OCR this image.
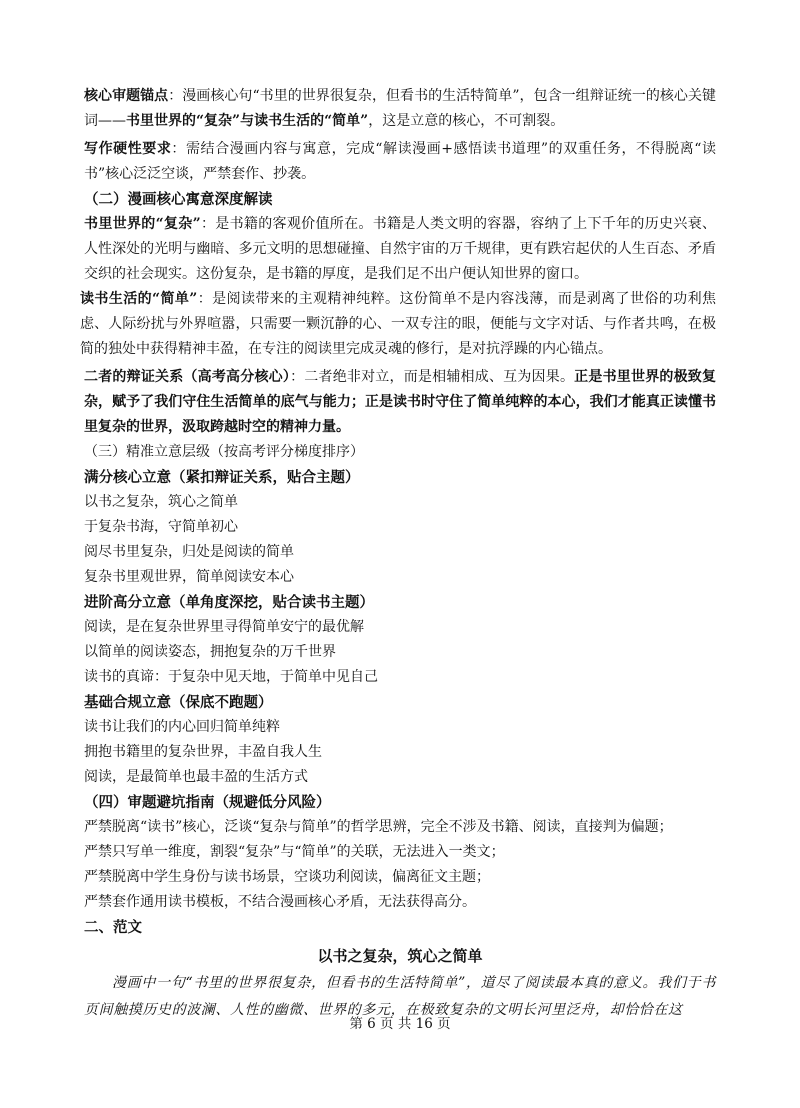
核心审题锚点：漫画核心句“书里的世界很复杂，但看书的生活特简单”，包含一组辩证统一的核心关键词——书里世界的“复杂”与读书生活的“简单”，这是立意的核心，不可割裂。

写作硬性要求：需结合漫画内容与寓意，完成“解读漫画+感悟读书道理”的双重任务，不得脱离“读书”核心泛泛空谈，严禁套作、抄袭。

（二）漫画核心寓意深度解读

书里世界的“复杂”：是书籍的客观价值所在。书籍是人类文明的容器，容纳了上下千年的历史兴衰、人性深处的光明与幽暗、多元文明的思想碰撞、自然宇宙的万千规律，更有跌宕起伏的人生百态、矛盾交织的社会现实。这份复杂，是书籍的厚度，是我们足不出户便认知世界的窗口。

读书生活的“简单”：是阅读带来的主观精神纯粹。这份简单不是内容浅薄，而是剥离了世俗的功利焦虑、人际纷扰与外界喧嚣，只需要一颗沉静的心、一双专注的眼，便能与文字对话、与作者共鸣，在极简的独处中获得精神丰盈，在专注的阅读里完成灵魂的修行，是对抗浮躁的内心锚点。

二者的辩证关系（高考高分核心）：二者绝非对立，而是相辅相成、互为因果。正是书里世界的极致复杂，赋予了我们守住生活简单的底气与能力；正是读书时守住了简单纯粹的本心，我们才能真正读懂书里复杂的世界，汲取跨越时空的精神力量。

（三）精准立意层级（按高考评分梯度排序）

满分核心立意（紧扣辩证关系，贴合主题）

以书之复杂，筑心之简单

于复杂书海，守简单初心

阅尽书里复杂，归处是阅读的简单

复杂书里观世界，简单阅读安本心

进阶高分立意（单角度深挖，贴合读书主题）

阅读，是在复杂世界里寻得简单安宁的最优解

以简单的阅读姿态，拥抱复杂的万千世界

读书的真谛：于复杂中见天地，于简单中见自己

基础合规立意（保底不跑题）

读书让我们的内心回归简单纯粹

拥抱书籍里的复杂世界，丰盈自我人生

阅读，是最简单也最丰盈的生活方式

（四）审题避坑指南（规避低分风险）

严禁脱离“读书”核心，泛谈“复杂与简单”的哲学思辨，完全不涉及书籍、阅读，直接判为偏题；

严禁只写单一维度，割裂“复杂”与“简单”的关联，无法进入一类文；

严禁脱离中学生身份与读书场景，空谈功利阅读，偏离征文主题；

严禁套作通用读书模板，不结合漫画核心矛盾，无法获得高分。

二、范文

以书之复杂，筑心之简单

漫画中一句“书里的世界很复杂，但看书的生活特简单”，道尽了阅读最本真的意义。我们于书页间触摸历史的波澜、人性的幽微、世界的多元，在极致复杂的文明长河里泛舟，却恰恰在这

第 6 页 共 16 页
